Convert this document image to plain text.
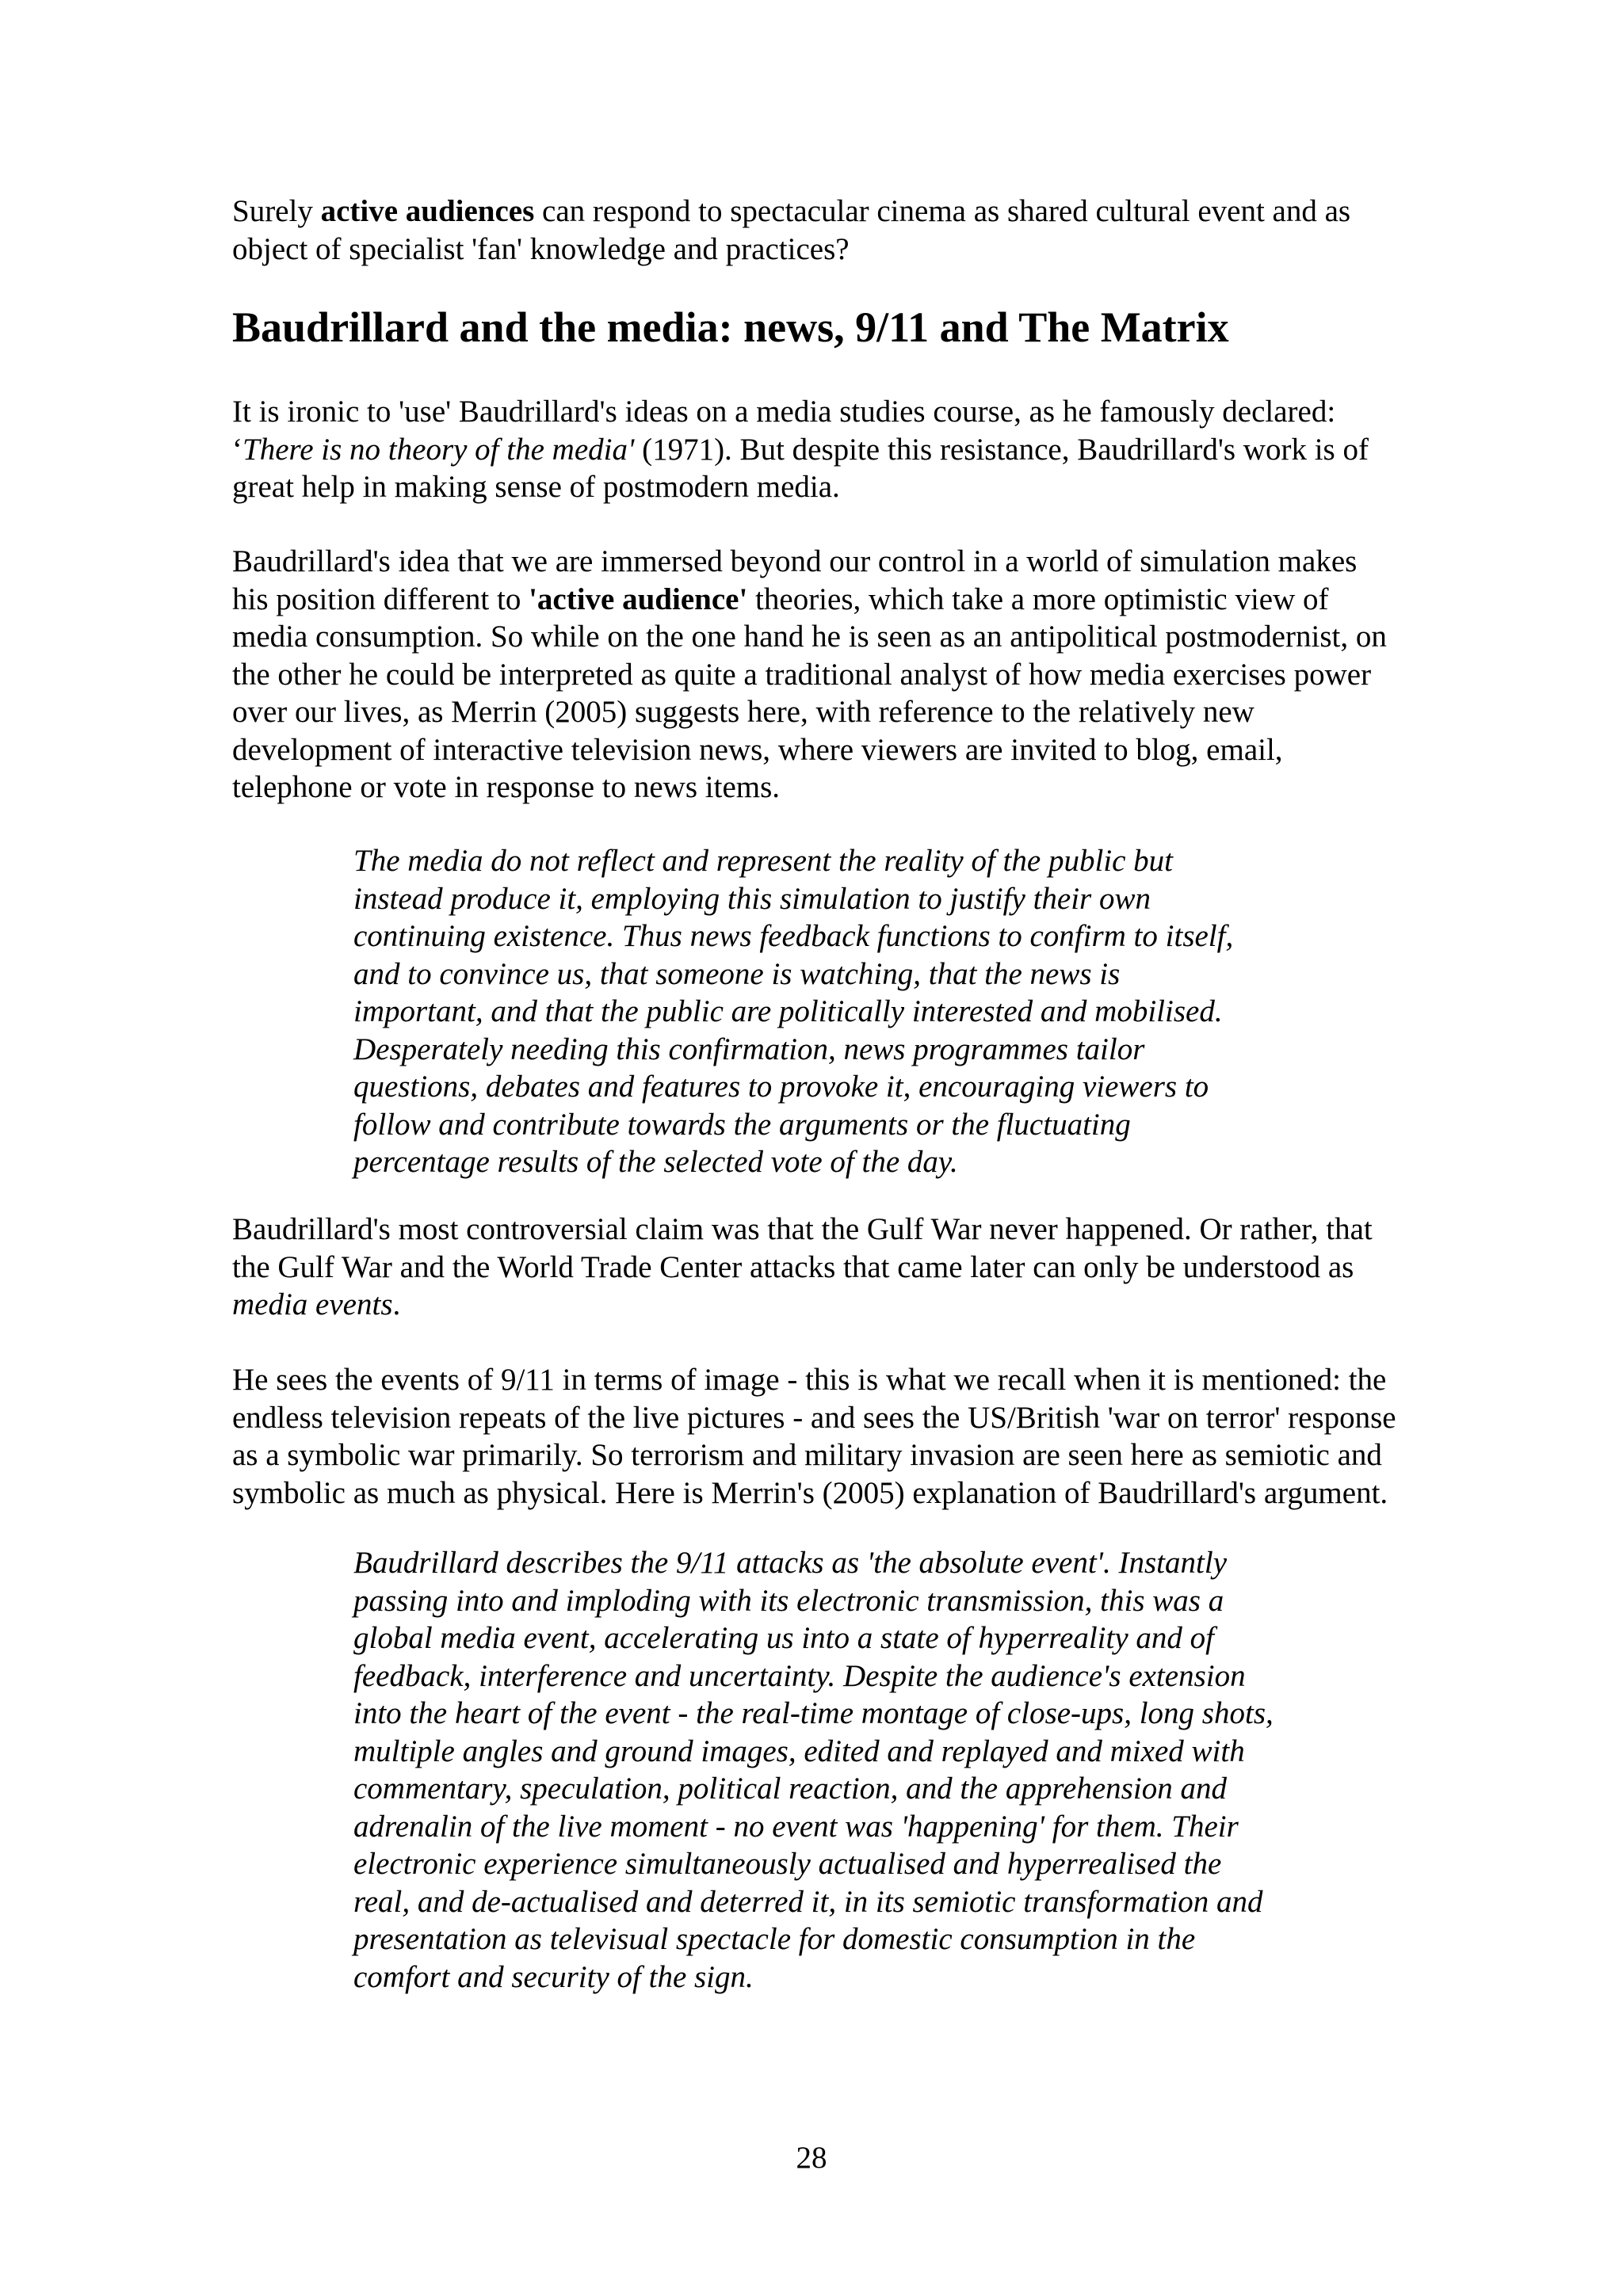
Surely active audiences can respond to spectacular cinema as shared cultural event and as
object of specialist 'fan' knowledge and practices?

Baudrillard and the media: news, 9/11 and The Matrix

It is ironic to 'use' Baudrillard's ideas on a media studies course, as he famously declared:
‘There is no theory of the media' (1971). But despite this resistance, Baudrillard's work is of
great help in making sense of postmodern media.

Baudrillard's idea that we are immersed beyond our control in a world of simulation makes
his position different to 'active audience' theories, which take a more optimistic view of
media consumption. So while on the one hand he is seen as an antipolitical postmodernist, on
the other he could be interpreted as quite a traditional analyst of how media exercises power
over our lives, as Merrin (2005) suggests here, with reference to the relatively new
development of interactive television news, where viewers are invited to blog, email,
telephone or vote in response to news items.

The media do not reflect and represent the reality of the public but
instead produce it, employing this simulation to justify their own
continuing existence. Thus news feedback functions to confirm to itself,
and to convince us, that someone is watching, that the news is
important, and that the public are politically interested and mobilised.
Desperately needing this confirmation, news programmes tailor
questions, debates and features to provoke it, encouraging viewers to
follow and contribute towards the arguments or the fluctuating
percentage results of the selected vote of the day.

Baudrillard's most controversial claim was that the Gulf War never happened. Or rather, that
the Gulf War and the World Trade Center attacks that came later can only be understood as
media events.

He sees the events of 9/11 in terms of image - this is what we recall when it is mentioned: the
endless television repeats of the live pictures - and sees the US/British 'war on terror' response
as a symbolic war primarily. So terrorism and military invasion are seen here as semiotic and
symbolic as much as physical. Here is Merrin's (2005) explanation of Baudrillard's argument.

Baudrillard describes the 9/11 attacks as 'the absolute event'. Instantly
passing into and imploding with its electronic transmission, this was a
global media event, accelerating us into a state of hyperreality and of
feedback, interference and uncertainty. Despite the audience's extension
into the heart of the event - the real-time montage of close-ups, long shots,
multiple angles and ground images, edited and replayed and mixed with
commentary, speculation, political reaction, and the apprehension and
adrenalin of the live moment - no event was 'happening' for them. Their
electronic experience simultaneously actualised and hyperrealised the
real, and de-actualised and deterred it, in its semiotic transformation and
presentation as televisual spectacle for domestic consumption in the
comfort and security of the sign.
28
